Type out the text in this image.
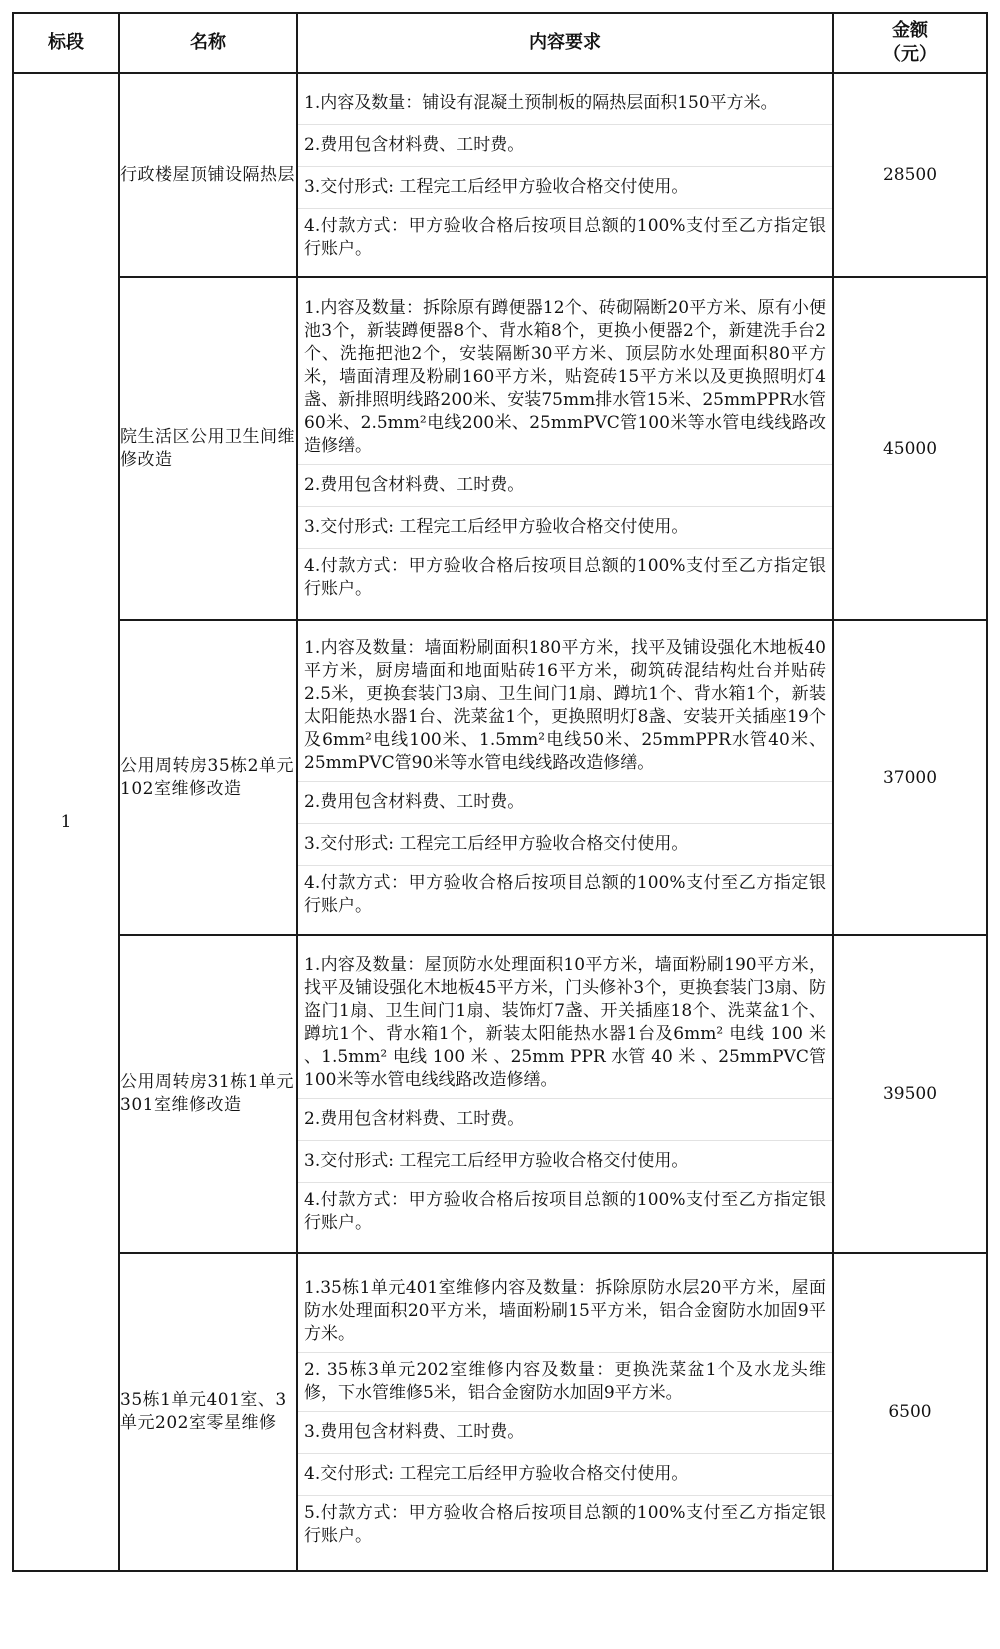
标段	名称	内容要求	金额
（元）
1	行政楼屋顶铺设隔热层	1.内容及数量：铺设有混凝土预制板的隔热层面积150平方米。
2.费用包含材料费、工时费。
3.交付形式: 工程完工后经甲方验收合格交付使用。
4.付款方式：甲方验收合格后按项目总额的100%支付至乙方指定银行账户。	28500
	院生活区公用卫生间维修改造	1.内容及数量：拆除原有蹲便器12个、砖砌隔断20平方米、原有小便池3个，新装蹲便器8个、背水箱8个，更换小便器2个，新建洗手台2个、洗拖把池2个，安装隔断30平方米、顶层防水处理面积80平方米，墙面清理及粉刷160平方米，贴瓷砖15平方米以及更换照明灯4盏、新排照明线路200米、安装75mm排水管15米、25mmPPR水管60米、2.5mm²电线200米、25mmPVC管100米等水管电线线路改造修缮。
2.费用包含材料费、工时费。
3.交付形式: 工程完工后经甲方验收合格交付使用。
4.付款方式：甲方验收合格后按项目总额的100%支付至乙方指定银行账户。	45000
	公用周转房35栋2单元102室维修改造	1.内容及数量：墙面粉刷面积180平方米，找平及铺设强化木地板40平方米，厨房墙面和地面贴砖16平方米，砌筑砖混结构灶台并贴砖2.5米，更换套装门3扇、卫生间门1扇、蹲坑1个、背水箱1个，新装太阳能热水器1台、洗菜盆1个，更换照明灯8盏、安装开关插座19个及6mm²电线100米、1.5mm²电线50米、25mmPPR水管40米、25mmPVC管90米等水管电线线路改造修缮。
2.费用包含材料费、工时费。
3.交付形式: 工程完工后经甲方验收合格交付使用。
4.付款方式：甲方验收合格后按项目总额的100%支付至乙方指定银行账户。	37000
	公用周转房31栋1单元301室维修改造	1.内容及数量：屋顶防水处理面积10平方米，墙面粉刷190平方米，找平及铺设强化木地板45平方米，门头修补3个，更换套装门3扇、防盗门1扇、卫生间门1扇、装饰灯7盏、开关插座18个、洗菜盆1个、蹲坑1个、背水箱1个，新装太阳能热水器1台及6mm² 电线 100 米 、1.5mm² 电线 100 米 、25mm PPR 水管 40 米 、25mmPVC管100米等水管电线线路改造修缮。
2.费用包含材料费、工时费。
3.交付形式: 工程完工后经甲方验收合格交付使用。
4.付款方式：甲方验收合格后按项目总额的100%支付至乙方指定银行账户。	39500
	35栋1单元401室、3单元202室零星维修	1.35栋1单元401室维修内容及数量：拆除原防水层20平方米，屋面防水处理面积20平方米，墙面粉刷15平方米，铝合金窗防水加固9平方米。
2. 35栋3单元202室维修内容及数量：更换洗菜盆1个及水龙头维修，下水管维修5米，铝合金窗防水加固9平方米。
3.费用包含材料费、工时费。
4.交付形式: 工程完工后经甲方验收合格交付使用。
5.付款方式：甲方验收合格后按项目总额的100%支付至乙方指定银行账户。	6500
